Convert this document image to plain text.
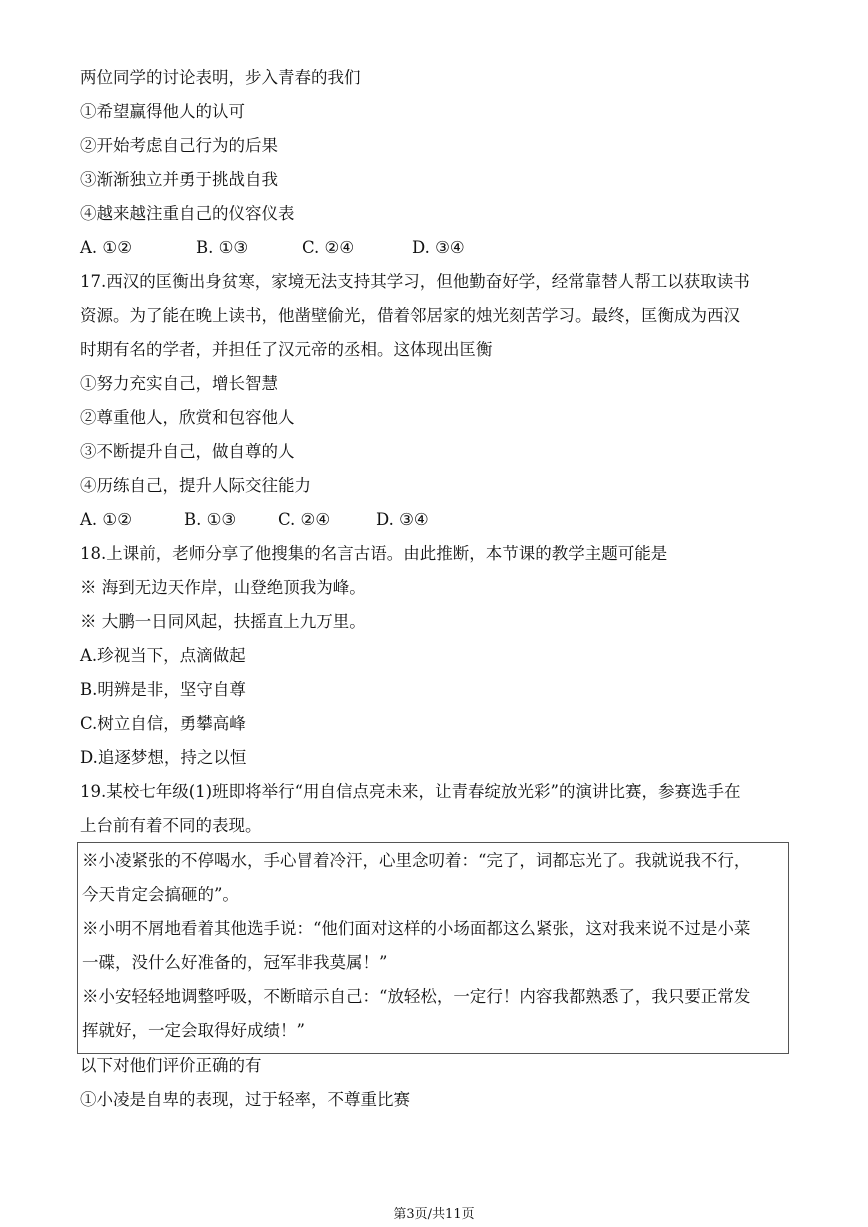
两位同学的讨论表明，步入青春的我们
①希望赢得他人的认可
②开始考虑自己行为的后果
③渐渐独立并勇于挑战自我
④越来越注重自己的仪容仪表
A. ①②	B. ①③	C. ②④	D. ③④
17.西汉的匡衡出身贫寒，家境无法支持其学习，但他勤奋好学，经常靠替人帮工以获取读书
资源。为了能在晚上读书，他凿壁偷光，借着邻居家的烛光刻苦学习。最终，匡衡成为西汉
时期有名的学者，并担任了汉元帝的丞相。这体现出匡衡
①努力充实自己，增长智慧
②尊重他人，欣赏和包容他人
③不断提升自己，做自尊的人
④历练自己，提升人际交往能力
A. ①②	B. ①③	C. ②④	D. ③④
18.上课前，老师分享了他搜集的名言古语。由此推断，本节课的教学主题可能是
※ 海到无边天作岸，山登绝顶我为峰。
※ 大鹏一日同风起，扶摇直上九万里。
A.珍视当下，点滴做起
B.明辨是非，坚守自尊
C.树立自信，勇攀高峰
D.追逐梦想，持之以恒
19.某校七年级(1)班即将举行“用自信点亮未来，让青春绽放光彩”的演讲比赛，参赛选手在
上台前有着不同的表现。
※小凌紧张的不停喝水，手心冒着冷汗，心里念叨着：“完了，词都忘光了。我就说我不行，
今天肯定会搞砸的”。
※小明不屑地看着其他选手说：“他们面对这样的小场面都这么紧张，这对我来说不过是小菜
一碟，没什么好准备的，冠军非我莫属！”
※小安轻轻地调整呼吸，不断暗示自己：“放轻松，一定行！内容我都熟悉了，我只要正常发
挥就好，一定会取得好成绩！”
以下对他们评价正确的有
①小凌是自卑的表现，过于轻率，不尊重比赛
第3页/共11页
